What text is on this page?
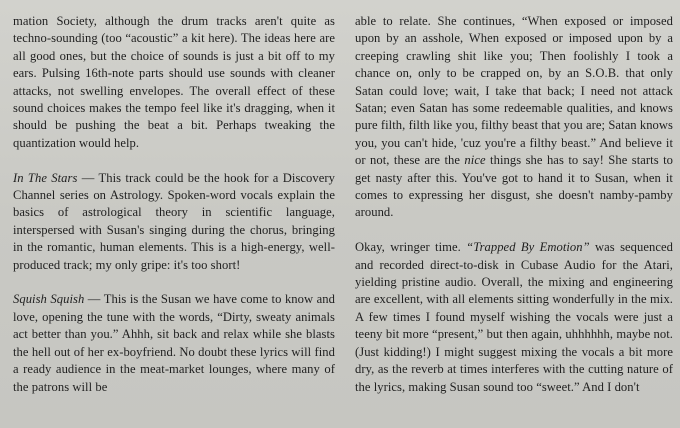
mation Society, although the drum tracks aren't quite as techno-sounding (too “acoustic” a kit here). The ideas here are all good ones, but the choice of sounds is just a bit off to my ears. Pulsing 16th-note parts should use sounds with cleaner attacks, not swelling envelopes. The overall effect of these sound choices makes the tempo feel like it's dragging, when it should be pushing the beat a bit. Perhaps tweaking the quantization would help.

In The Stars — This track could be the hook for a Discovery Channel series on Astrology. Spoken-word vocals explain the basics of astrological theory in scientific language, interspersed with Susan's singing during the chorus, bringing in the romantic, human elements. This is a high-energy, well-produced track; my only gripe: it's too short!

Squish Squish — This is the Susan we have come to know and love, opening the tune with the words, “Dirty, sweaty animals act better than you.” Ahhh, sit back and relax while she blasts the hell out of her ex-boyfriend. No doubt these lyrics will find a ready audience in the meat-market lounges, where many of the patrons will be

able to relate. She continues, “When exposed or imposed upon by an asshole, When exposed or imposed upon by a creeping crawling shit like you; Then foolishly I took a chance on, only to be crapped on, by an S.O.B. that only Satan could love; wait, I take that back; I need not attack Satan; even Satan has some redeemable qualities, and knows pure filth, filth like you, filthy beast that you are; Satan knows you, you can't hide, 'cuz you're a filthy beast.” And believe it or not, these are the nice things she has to say! She starts to get nasty after this. You've got to hand it to Susan, when it comes to expressing her disgust, she doesn't namby-pamby around.

Okay, wringer time. “Trapped By Emotion” was sequenced and recorded direct-to-disk in Cubase Audio for the Atari, yielding pristine audio. Overall, the mixing and engineering are excellent, with all elements sitting wonderfully in the mix. A few times I found myself wishing the vocals were just a teeny bit more “present,” but then again, uhhhhhh, maybe not. (Just kidding!) I might suggest mixing the vocals a bit more dry, as the reverb at times interferes with the cutting nature of the lyrics, making Susan sound too “sweet.” And I don't
